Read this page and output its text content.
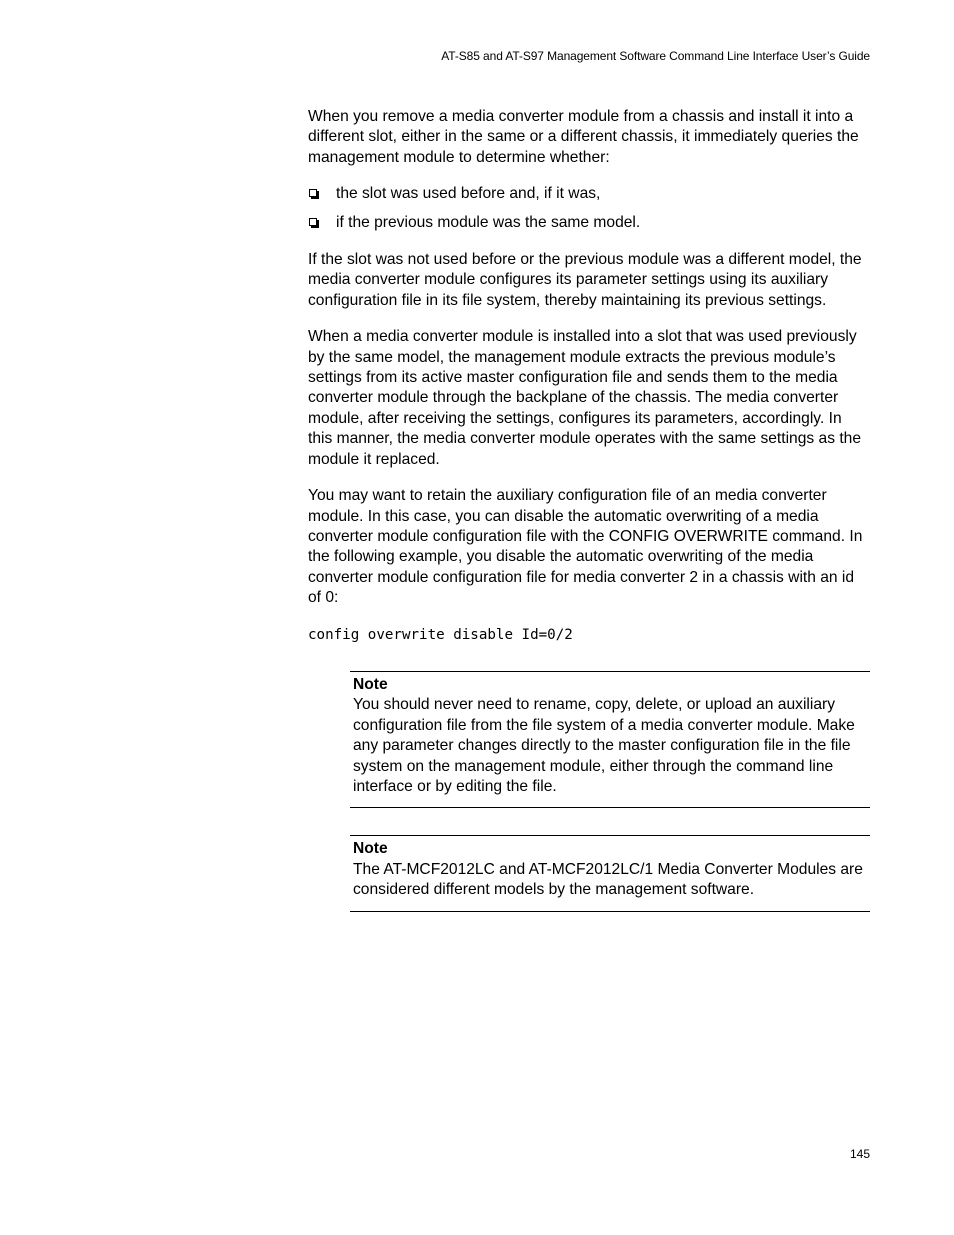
AT-S85 and AT-S97 Management Software Command Line Interface User’s Guide

When you remove a media converter module from a chassis and install it into a different slot, either in the same or a different chassis, it immediately queries the management module to determine whether:

the slot was used before and, if it was,
if the previous module was the same model.

If the slot was not used before or the previous module was a different model, the media converter module configures its parameter settings using its auxiliary configuration file in its file system, thereby maintaining its previous settings.

When a media converter module is installed into a slot that was used previously by the same model, the management module extracts the previous module’s settings from its active master configuration file and sends them to the media converter module through the backplane of the chassis. The media converter module, after receiving the settings, configures its parameters, accordingly. In this manner, the media converter module operates with the same settings as the module it replaced.

You may want to retain the auxiliary configuration file of an media converter module. In this case, you can disable the automatic overwriting of a media converter module configuration file with the CONFIG OVERWRITE command. In the following example, you disable the automatic overwriting of the media converter module configuration file for media converter 2 in a chassis with an id of 0:

config overwrite disable Id=0/2

Note
You should never need to rename, copy, delete, or upload an auxiliary configuration file from the file system of a media converter module. Make any parameter changes directly to the master configuration file in the file system on the management module, either through the command line interface or by editing the file.
Note
The AT-MCF2012LC and AT-MCF2012LC/1 Media Converter Modules are considered different models by the management software.
145
